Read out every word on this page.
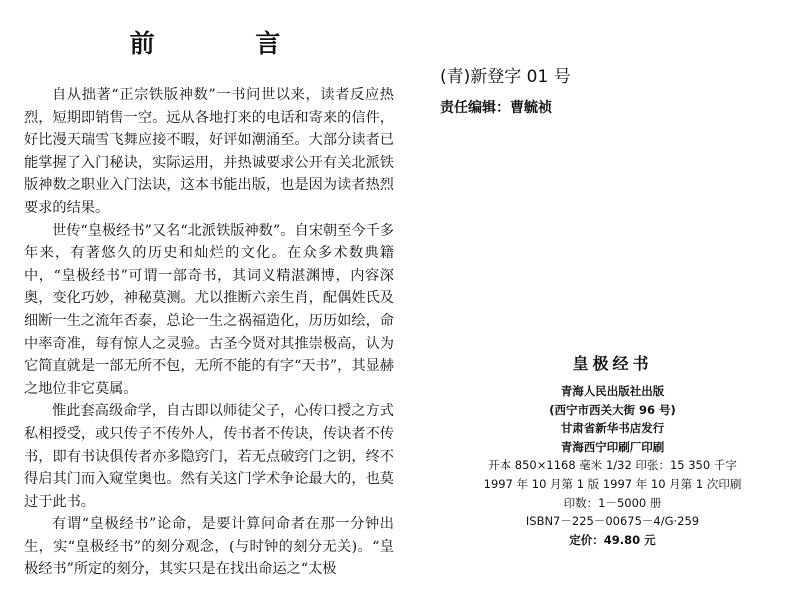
前 言

自从拙著“正宗铁版神数”一书问世以来，读者反应热烈，短期即销售一空。远从各地打来的电话和寄来的信件，好比漫天瑞雪飞舞应接不暇，好评如潮涌至。大部分读者已能掌握了入门秘诀，实际运用，并热诚要求公开有关北派铁版神数之职业入门法诀，这本书能出版，也是因为读者热烈要求的结果。

世传“皇极经书”又名“北派铁版神数”。自宋朝至今千多年来，有著悠久的历史和灿烂的文化。在众多术数典籍中，“皇极经书”可谓一部奇书，其词义精湛渊博，内容深奥，变化巧妙，神秘莫测。尤以推断六亲生肖，配偶姓氏及细断一生之流年否泰，总论一生之祸福造化，历历如绘，命中率奇准，每有惊人之灵验。古圣今贤对其推崇极高，认为它简直就是一部无所不包，无所不能的有字“天书”，其显赫之地位非它莫属。

惟此套高级命学，自古即以师徒父子，心传口授之方式私相授受，或只传子不传外人，传书者不传诀，传诀者不传书，即有书诀俱传者亦多隐窍门，若无点破窍门之钥，终不得启其门而入窥堂奥也。然有关这门学术争论最大的，也莫过于此书。

有谓“皇极经书”论命，是要计算问命者在那一分钟出生，实“皇极经书”的刻分观念，(与时钟的刻分无关)。“皇极经书”所定的刻分，其实只是在找出命运之“太极

(青)新登字 01 号
责任编辑：曹毓祯
皇极经书
青海人民出版社出版
(西宁市西关大街 96 号)
甘肃省新华书店发行
青海西宁印刷厂印刷
开本 850×1168 毫米 1/32 印张：15 350 千字
1997 年 10 月第 1 版 1997 年 10 月第 1 次印刷
印数：1－5000 册
ISBN7－225－00675－4/G·259
定价：49.80 元
